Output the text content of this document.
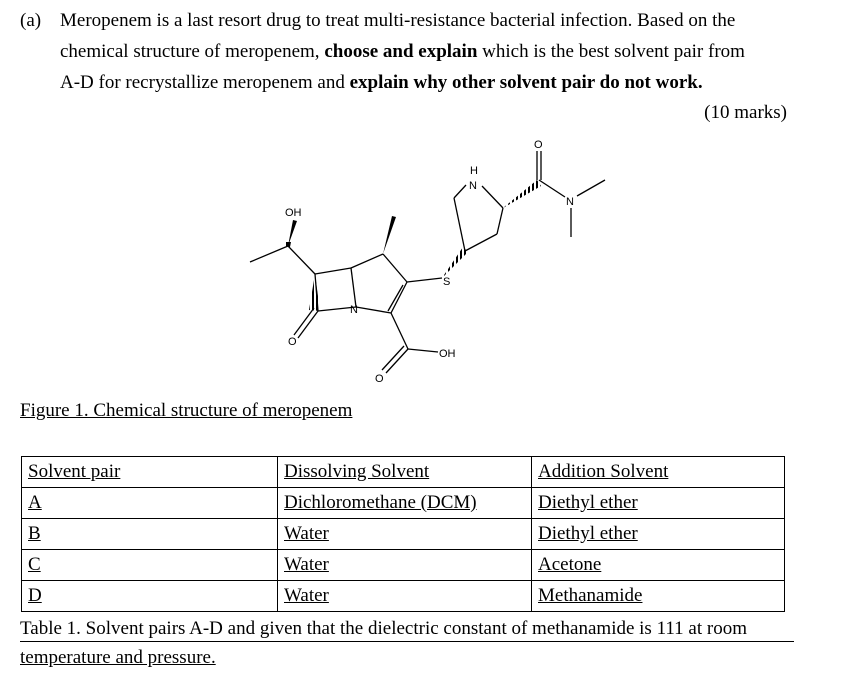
(a) Meropenem is a last resort drug to treat multi-resistance bacterial infection. Based on the
chemical structure of meropenem, choose and explain which is the best solvent pair from
A-D for recrystallize meropenem and explain why other solvent pair do not work.
(10 marks)
OH
N
O
S
OH
O
H
N
O
N
Figure 1. Chemical structure of meropenem
Solvent pair	Dissolving Solvent	Addition Solvent
A	Dichloromethane (DCM)	Diethyl ether
B	Water	Diethyl ether
C	Water	Acetone
D	Water	Methanamide
Table 1. Solvent pairs A-D and given that the dielectric constant of methanamide is 111 at room
temperature and pressure.
